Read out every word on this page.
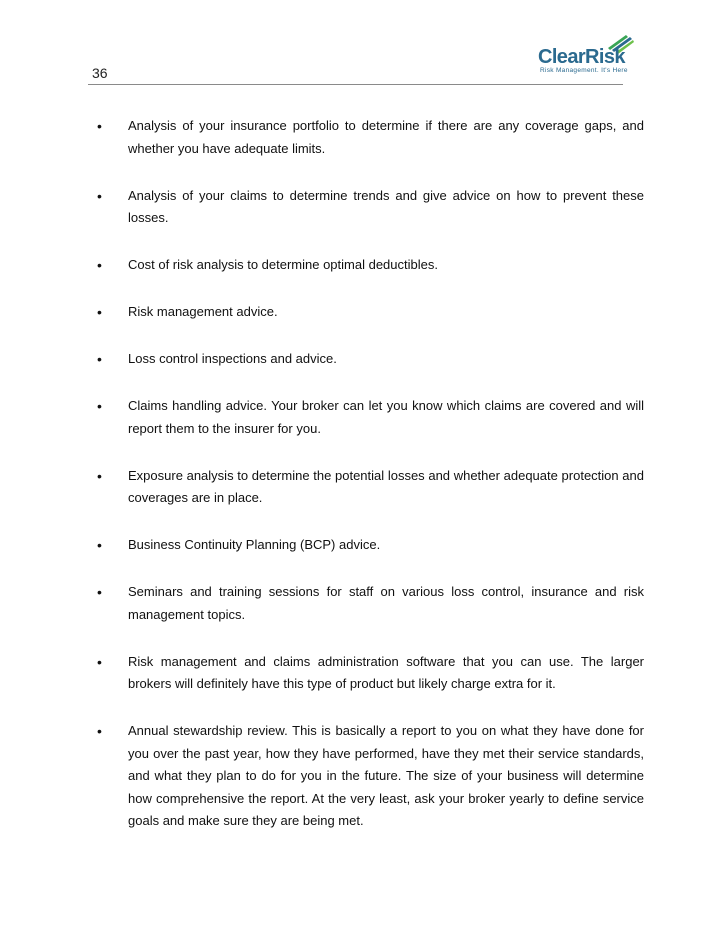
36
ClearRisk
Risk Management. It's Here
• Analysis of your insurance portfolio to determine if there are any coverage gaps, and whether you have adequate limits.
• Analysis of your claims to determine trends and give advice on how to prevent these losses.
• Cost of risk analysis to determine optimal deductibles.
• Risk management advice.
• Loss control inspections and advice.
• Claims handling advice. Your broker can let you know which claims are covered and will report them to the insurer for you.
• Exposure analysis to determine the potential losses and whether adequate protection and coverages are in place.
• Business Continuity Planning (BCP) advice.
• Seminars and training sessions for staff on various loss control, insurance and risk management topics.
• Risk management and claims administration software that you can use. The larger brokers will definitely have this type of product but likely charge extra for it.
• Annual stewardship review. This is basically a report to you on what they have done for you over the past year, how they have performed, have they met their service standards, and what they plan to do for you in the future. The size of your business will determine how comprehensive the report. At the very least, ask your broker yearly to define service goals and make sure they are being met.
